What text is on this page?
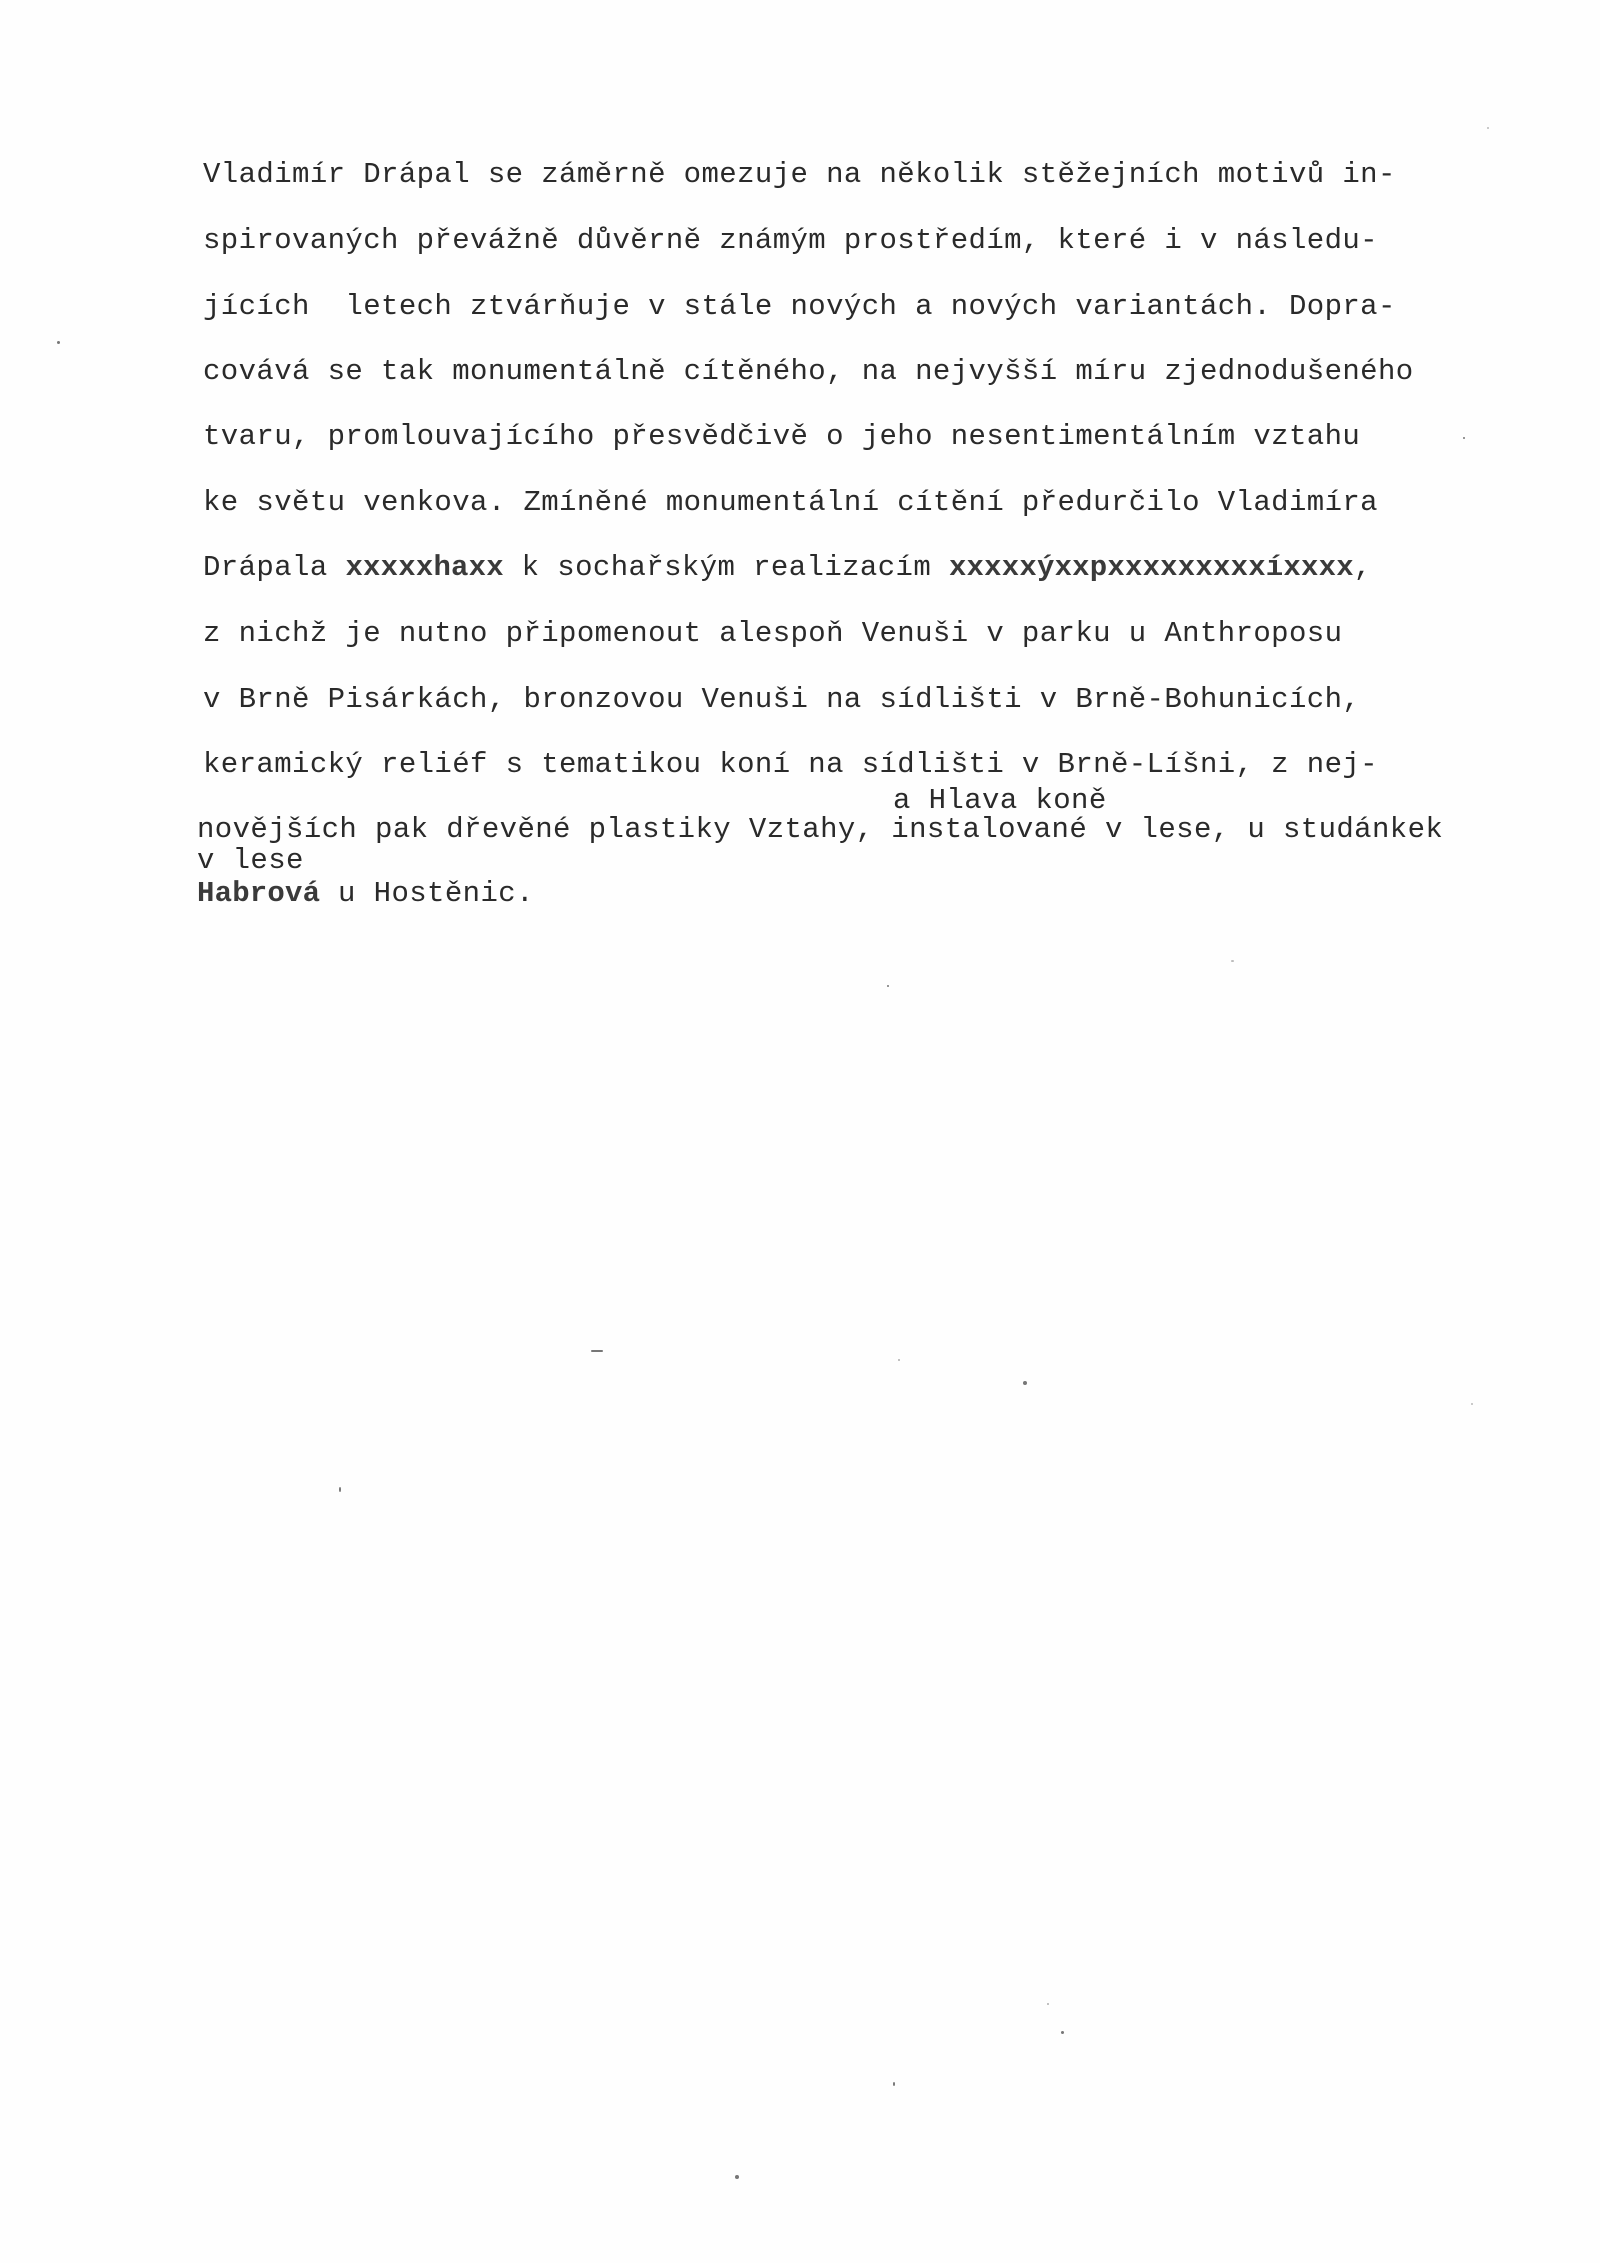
Vladimír Drápal se záměrně omezuje na několik stěžejních motivů in-
spirovaných převážně důvěrně známým prostředím, které i v následu-
jících  letech ztvárňuje v stále nových a nových variantách. Dopra-
covává se tak monumentálně cítěného, na nejvyšší míru zjednodušeného
tvaru, promlouvajícího přesvědčivě o jeho nesentimentálním vztahu
ke světu venkova. Zmíněné monumentální cítění předurčilo Vladimíra
Drápala xxxxxhaxx k sochařským realizacím xxxxxýxxpxxxxxxxxxíxxxx,
z nichž je nutno připomenout alespoň Venuši v parku u Anthroposu
v Brně Pisárkách, bronzovou Venuši na sídlišti v Brně-Bohunicích,
keramický reliéf s tematikou koní na sídlišti v Brně-Líšni, z nej-
a Hlava koně
novějších pak dřevěné plastiky Vztahy, instalované v lese, u studánkek
v lese
Habrová u Hostěnic.
